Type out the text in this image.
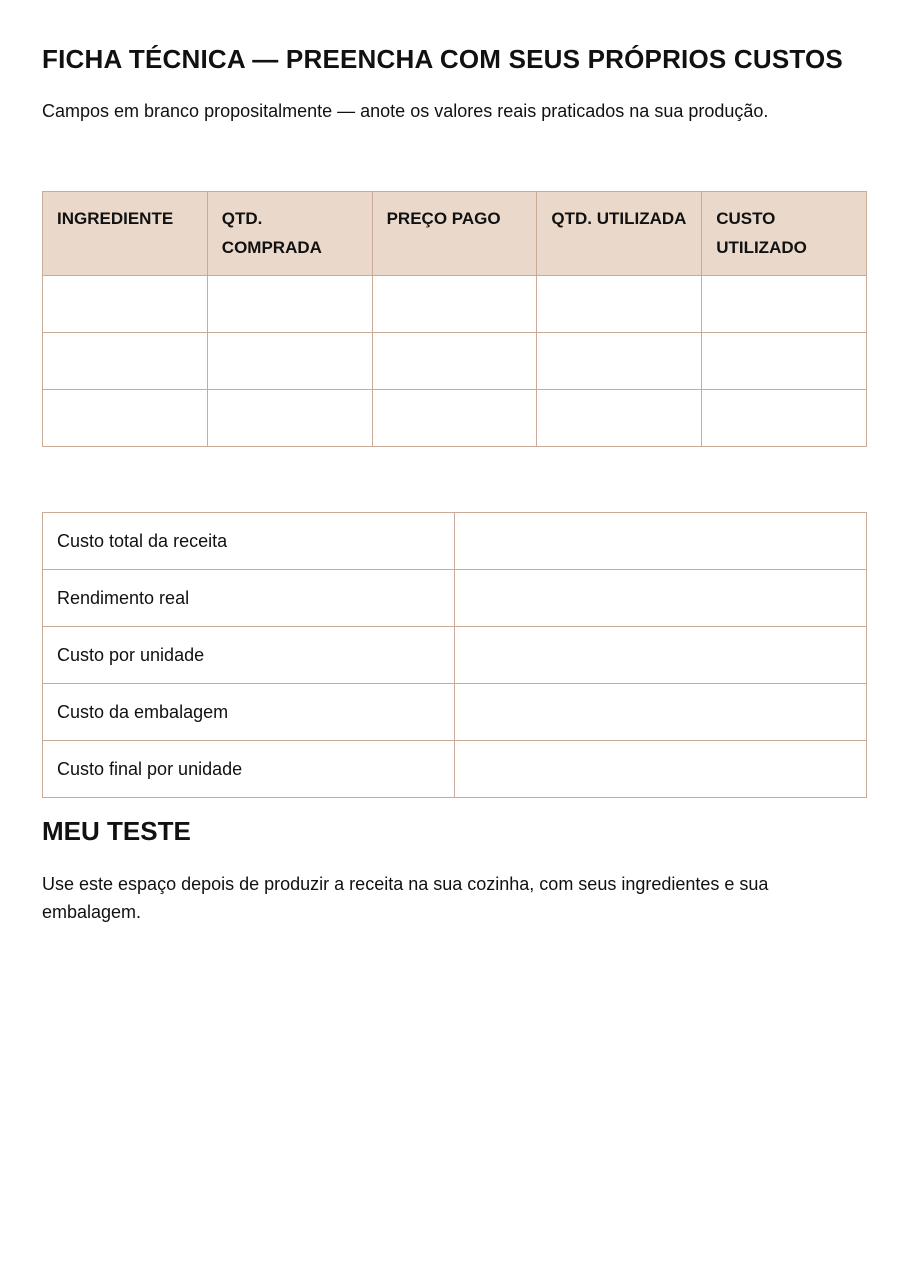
FICHA TÉCNICA — PREENCHA COM SEUS PRÓPRIOS CUSTOS

Campos em branco propositalmente — anote os valores reais praticados na sua produção.

INGREDIENTE	QTD. COMPRADA	PREÇO PAGO	QTD. UTILIZADA	CUSTO UTILIZADO

Custo total da receita	
Rendimento real	
Custo por unidade	
Custo da embalagem	
Custo final por unidade	
MEU TESTE

Use este espaço depois de produzir a receita na sua cozinha, com seus ingredientes e sua embalagem.
